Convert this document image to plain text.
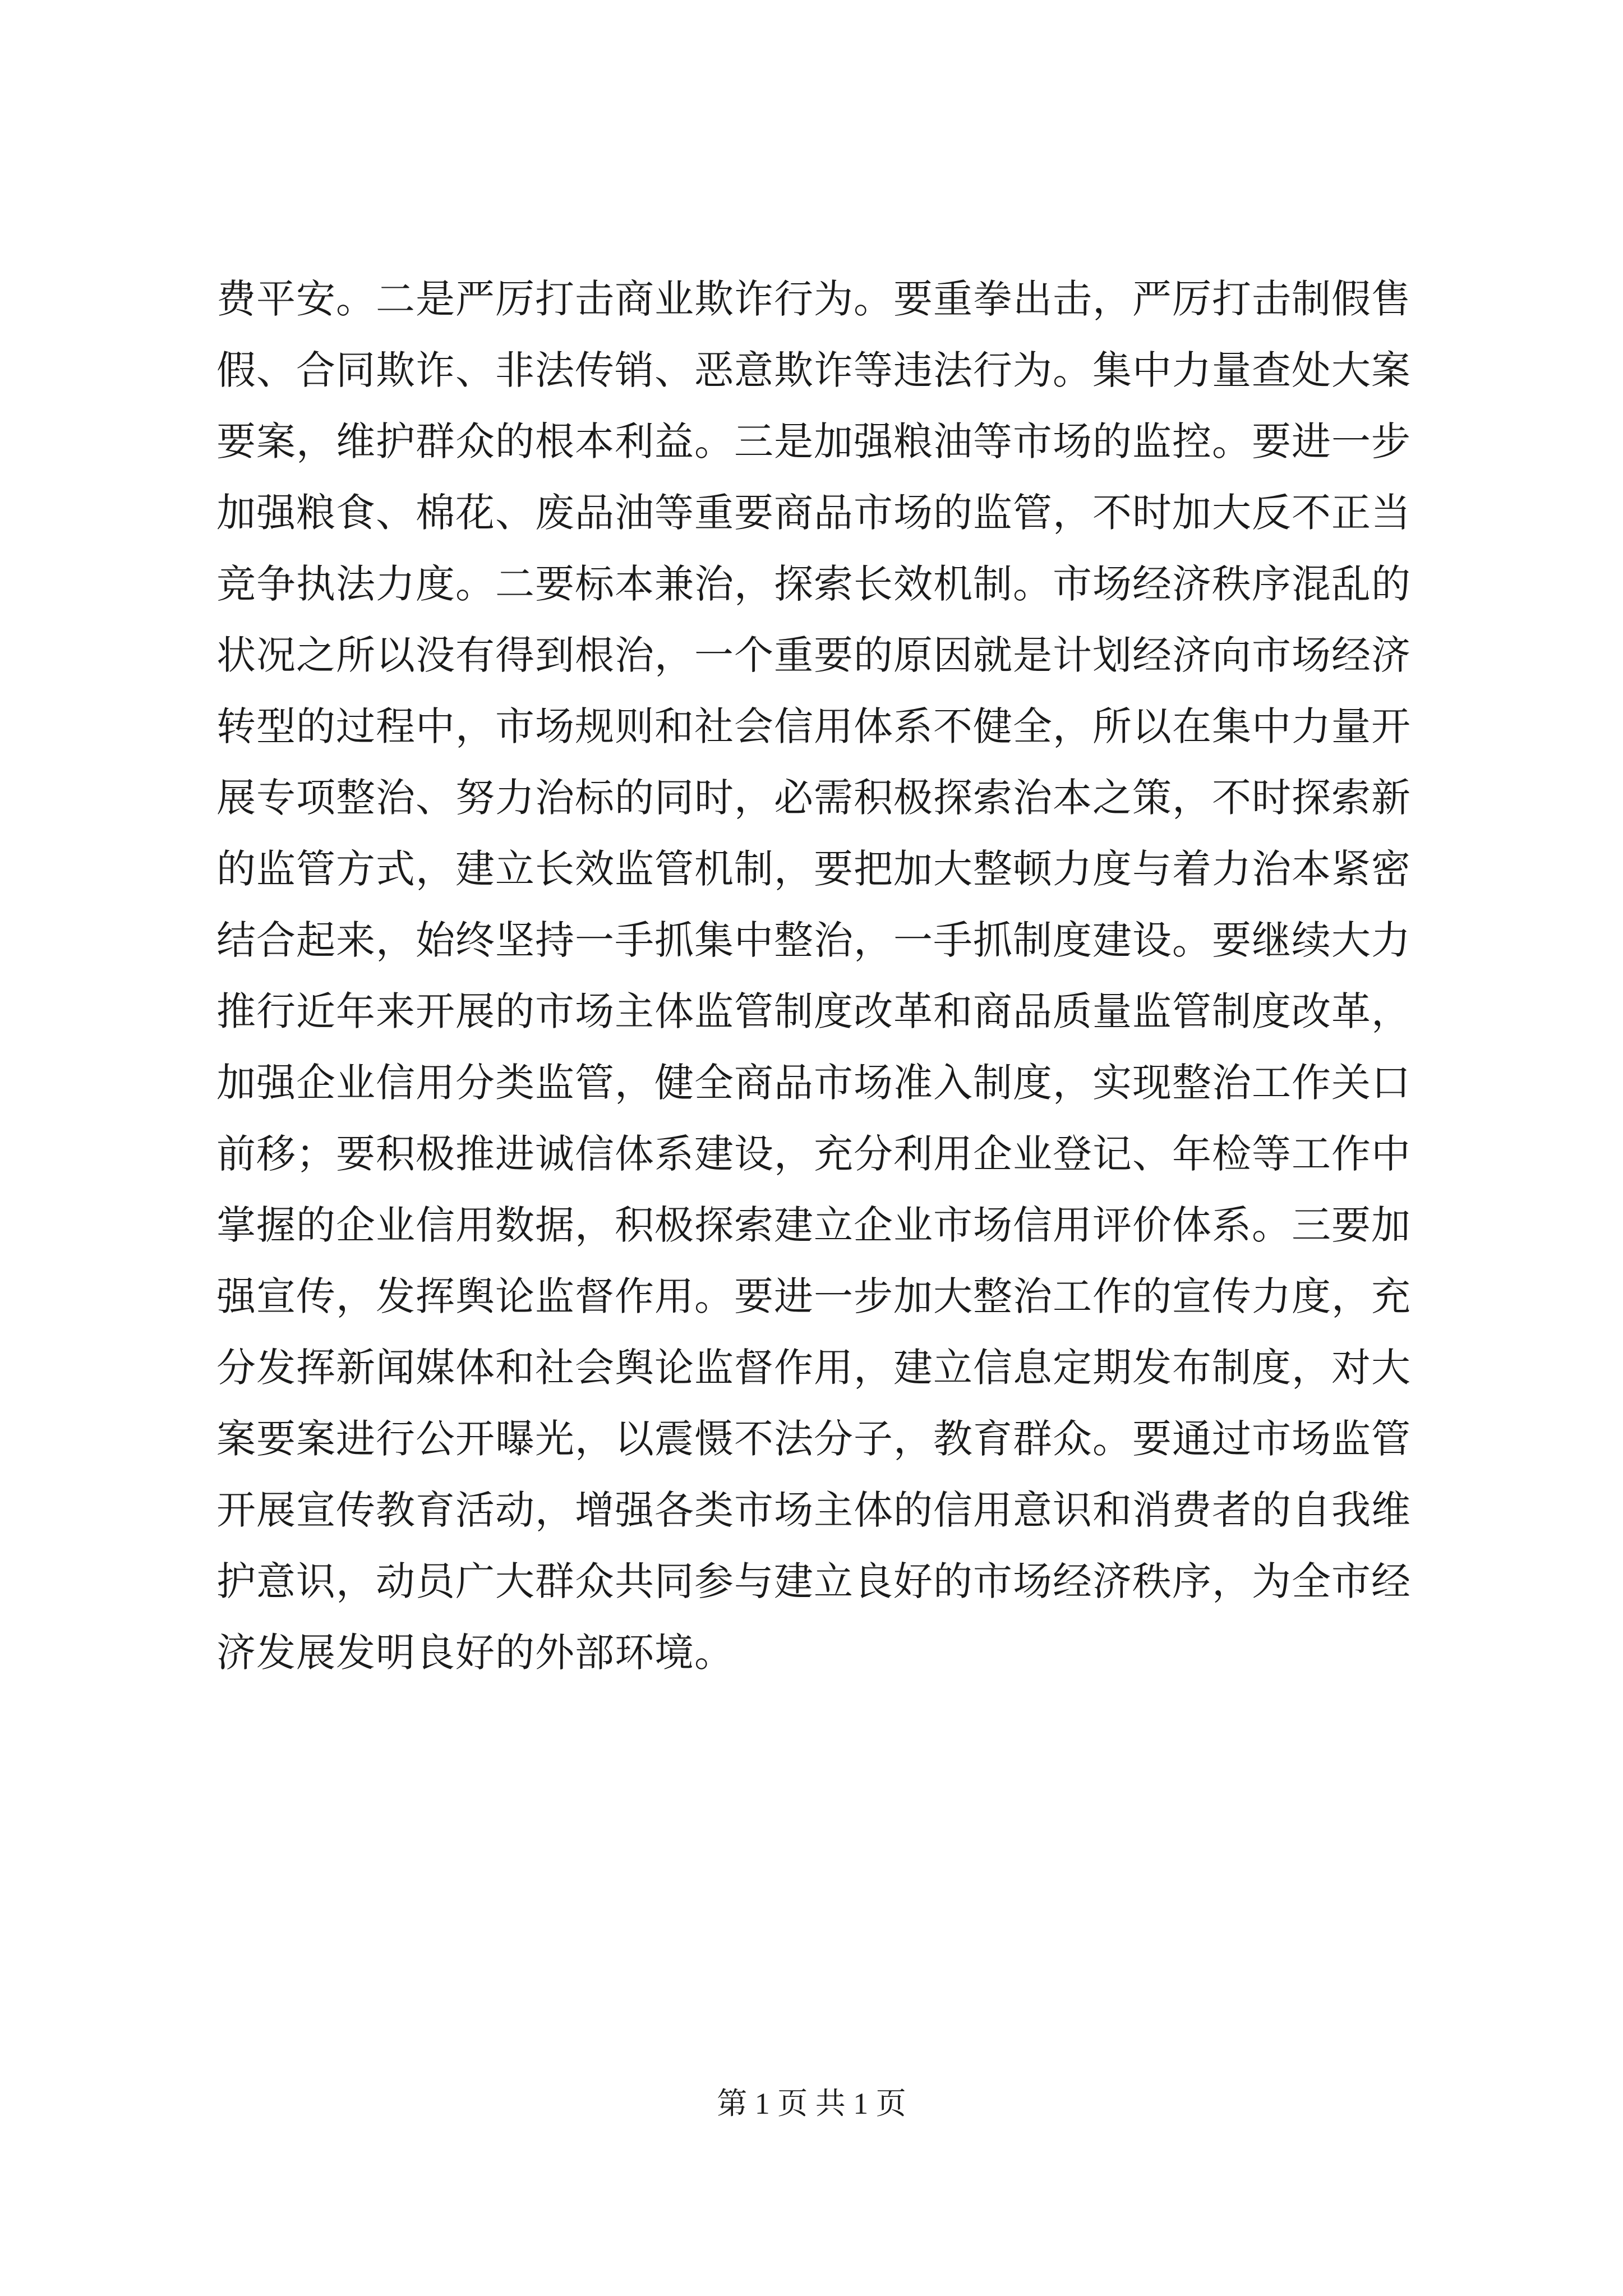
费平安。二是严厉打击商业欺诈行为。要重拳出击，严厉打击制假售假、合同欺诈、非法传销、恶意欺诈等违法行为。集中力量查处大案要案，维护群众的根本利益。三是加强粮油等市场的监控。要进一步加强粮食、棉花、废品油等重要商品市场的监管，不时加大反不正当竞争执法力度。二要标本兼治，探索长效机制。市场经济秩序混乱的状况之所以没有得到根治，一个重要的原因就是计划经济向市场经济转型的过程中，市场规则和社会信用体系不健全，所以在集中力量开展专项整治、努力治标的同时，必需积极探索治本之策，不时探索新的监管方式，建立长效监管机制，要把加大整顿力度与着力治本紧密结合起来，始终坚持一手抓集中整治，一手抓制度建设。要继续大力推行近年来开展的市场主体监管制度改革和商品质量监管制度改革，加强企业信用分类监管，健全商品市场准入制度，实现整治工作关口前移；要积极推进诚信体系建设，充分利用企业登记、年检等工作中掌握的企业信用数据，积极探索建立企业市场信用评价体系。三要加强宣传，发挥舆论监督作用。要进一步加大整治工作的宣传力度，充分发挥新闻媒体和社会舆论监督作用，建立信息定期发布制度，对大案要案进行公开曝光，以震慑不法分子，教育群众。要通过市场监管开展宣传教育活动，增强各类市场主体的信用意识和消费者的自我维护意识，动员广大群众共同参与建立良好的市场经济秩序，为全市经济发展发明良好的外部环境。

第 1 页 共 1 页
